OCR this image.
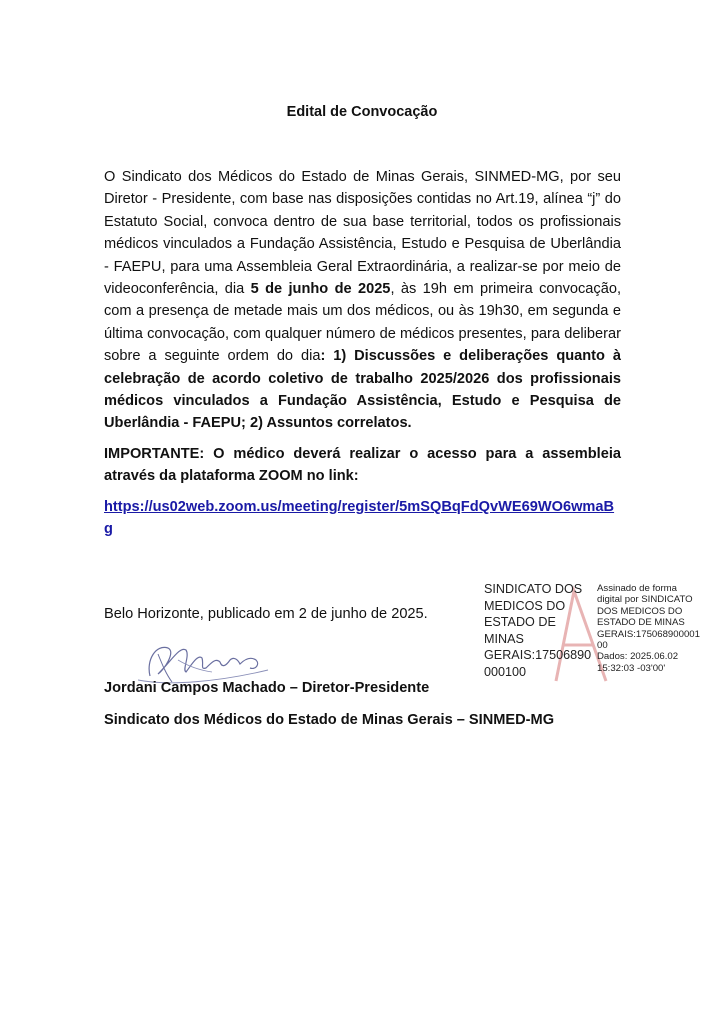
Edital de Convocação

O Sindicato dos Médicos do Estado de Minas Gerais, SINMED-MG, por seu Diretor - Presidente, com base nas disposições contidas no Art.19, alínea “j” do Estatuto Social, convoca dentro de sua base territorial, todos os profissionais médicos vinculados a Fundação Assistência, Estudo e Pesquisa de Uberlândia - FAEPU, para uma Assembleia Geral Extraordinária, a realizar-se por meio de videoconferência, dia 5 de junho de 2025, às 19h em primeira convocação, com a presença de metade mais um dos médicos, ou às 19h30, em segunda e última convocação, com qualquer número de médicos presentes, para deliberar sobre a seguinte ordem do dia: 1) Discussões e deliberações quanto à celebração de acordo coletivo de trabalho 2025/2026 dos profissionais médicos vinculados a Fundação Assistência, Estudo e Pesquisa de Uberlândia - FAEPU; 2) Assuntos correlatos.

IMPORTANTE: O médico deverá realizar o acesso para a assembleia através da plataforma ZOOM no link:

https://us02web.zoom.us/meeting/register/5mSQBqFdQvWE69WO6wmaBg

Belo Horizonte, publicado em 2 de junho de 2025.
Jordani Campos Machado – Diretor-Presidente
Sindicato dos Médicos do Estado de Minas Gerais – SINMED-MG
SINDICATO DOS
MEDICOS DO
ESTADO DE
MINAS
GERAIS:17506890
000100
Assinado de forma
digital por SINDICATO
DOS MEDICOS DO
ESTADO DE MINAS
GERAIS:175068900001
00
Dados: 2025.06.02
15:32:03 -03'00'
